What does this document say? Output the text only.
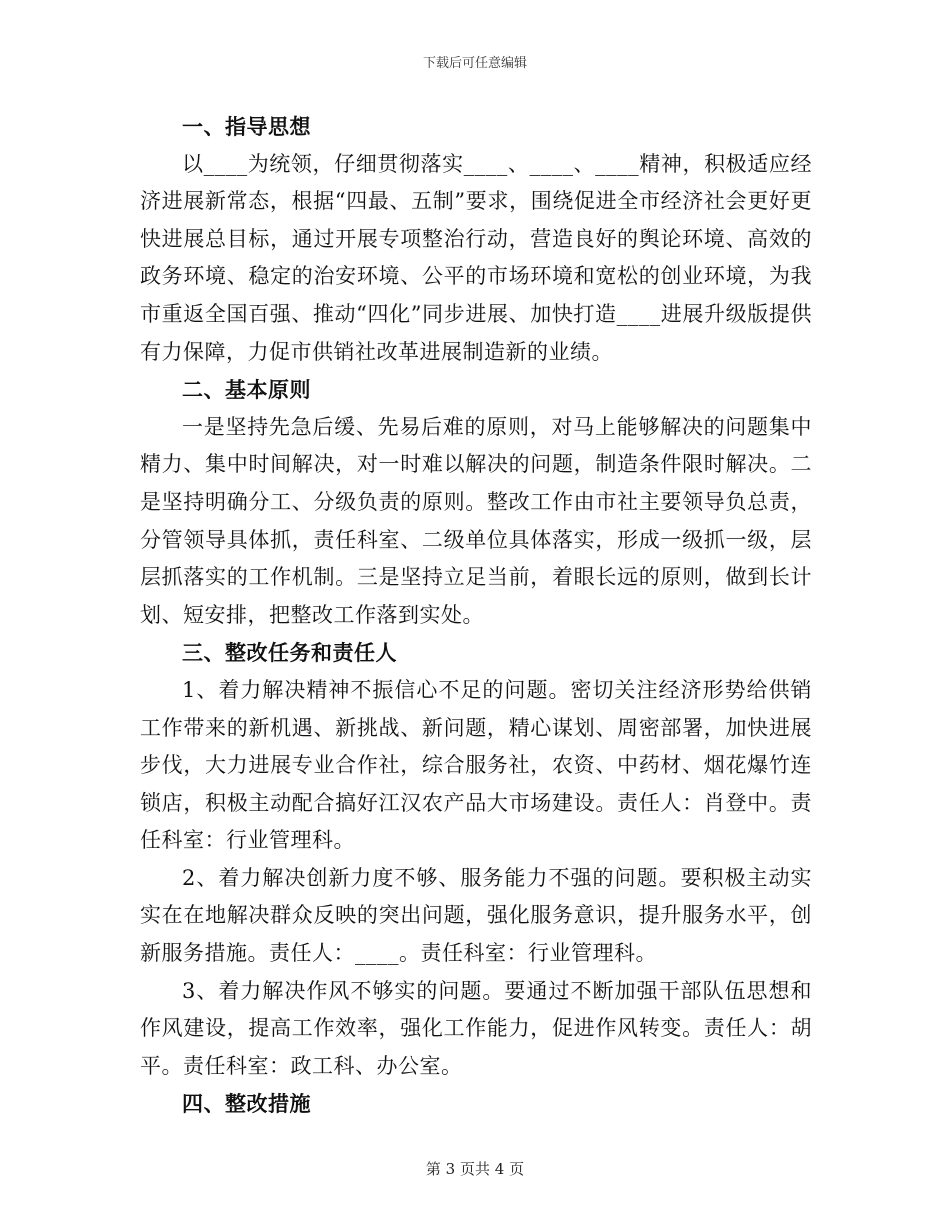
下载后可任意编辑

一、指导思想

以____为统领，仔细贯彻落实____、____、____精神，积极适应经济进展新常态，根据“四最、五制”要求，围绕促进全市经济社会更好更快进展总目标，通过开展专项整治行动，营造良好的舆论环境、高效的政务环境、稳定的治安环境、公平的市场环境和宽松的创业环境，为我市重返全国百强、推动“四化”同步进展、加快打造____进展升级版提供有力保障，力促市供销社改革进展制造新的业绩。

二、基本原则

一是坚持先急后缓、先易后难的原则，对马上能够解决的问题集中精力、集中时间解决，对一时难以解决的问题，制造条件限时解决。二是坚持明确分工、分级负责的原则。整改工作由市社主要领导负总责，分管领导具体抓，责任科室、二级单位具体落实，形成一级抓一级，层层抓落实的工作机制。三是坚持立足当前，着眼长远的原则，做到长计划、短安排，把整改工作落到实处。

三、整改任务和责任人

1、着力解决精神不振信心不足的问题。密切关注经济形势给供销工作带来的新机遇、新挑战、新问题，精心谋划、周密部署，加快进展步伐，大力进展专业合作社，综合服务社，农资、中药材、烟花爆竹连锁店，积极主动配合搞好江汉农产品大市场建设。责任人：肖登中。责任科室：行业管理科。

2、着力解决创新力度不够、服务能力不强的问题。要积极主动实实在在地解决群众反映的突出问题，强化服务意识，提升服务水平，创新服务措施。责任人：____。责任科室：行业管理科。

3、着力解决作风不够实的问题。要通过不断加强干部队伍思想和作风建设，提高工作效率，强化工作能力，促进作风转变。责任人：胡平。责任科室：政工科、办公室。

四、整改措施

第 3 页共 4 页
